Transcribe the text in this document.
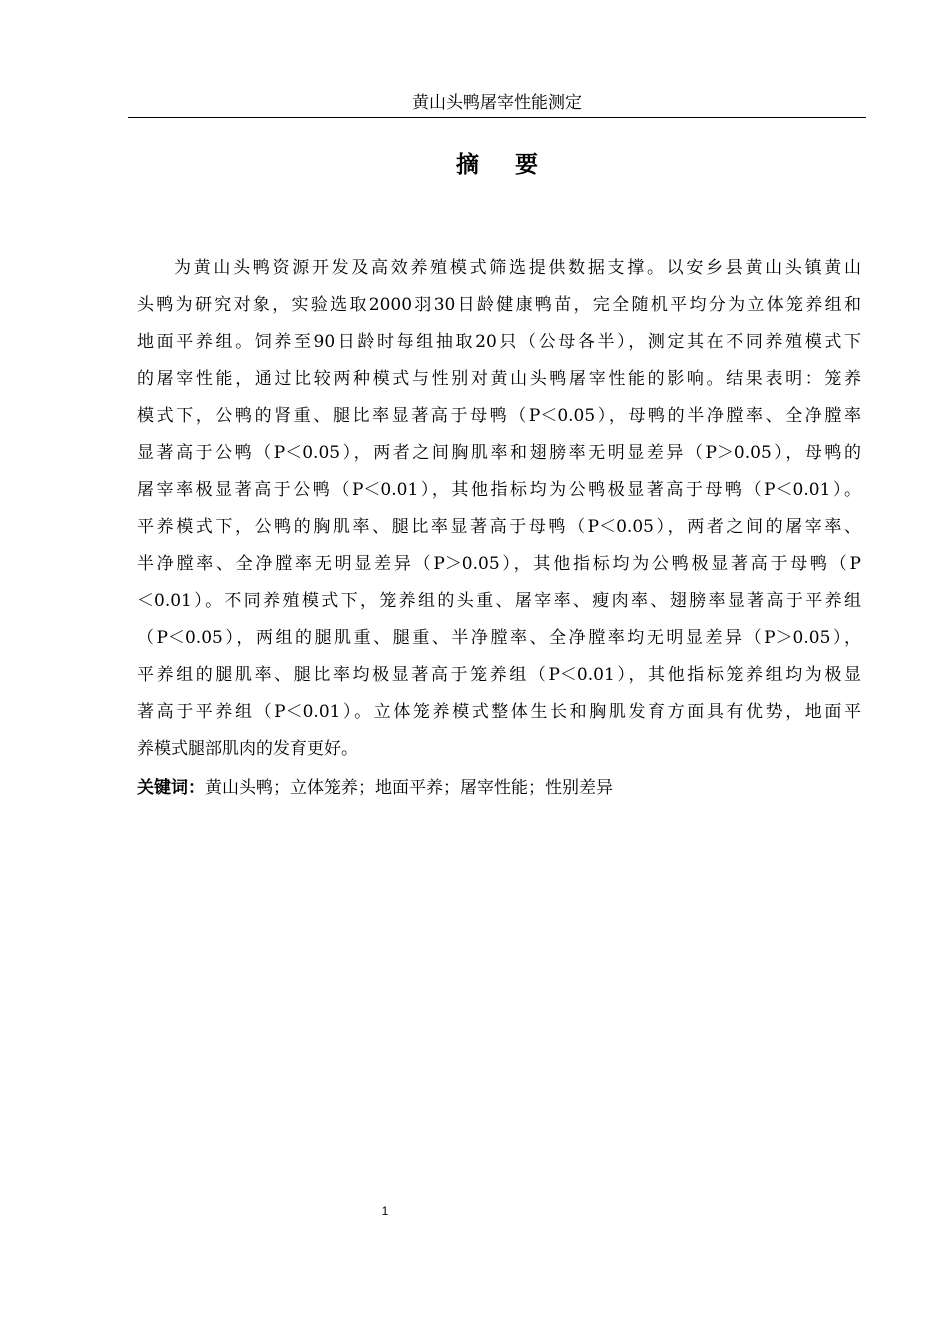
黄山头鸭屠宰性能测定
摘 要
为黄山头鸭资源开发及高效养殖模式筛选提供数据支撑。以安乡县黄山头镇黄山
头鸭为研究对象，实验选取2000羽30日龄健康鸭苗，完全随机平均分为立体笼养组和
地面平养组。饲养至90日龄时每组抽取20只（公母各半），测定其在不同养殖模式下
的屠宰性能，通过比较两种模式与性别对黄山头鸭屠宰性能的影响。结果表明：笼养
模式下，公鸭的肾重、腿比率显著高于母鸭（P＜0.05），母鸭的半净膛率、全净膛率
显著高于公鸭（P＜0.05），两者之间胸肌率和翅膀率无明显差异（P＞0.05），母鸭的
屠宰率极显著高于公鸭（P＜0.01），其他指标均为公鸭极显著高于母鸭（P＜0.01）。
平养模式下，公鸭的胸肌率、腿比率显著高于母鸭（P＜0.05），两者之间的屠宰率、
半净膛率、全净膛率无明显差异（P＞0.05），其他指标均为公鸭极显著高于母鸭（P
＜0.01）。不同养殖模式下，笼养组的头重、屠宰率、瘦肉率、翅膀率显著高于平养组
（P＜0.05），两组的腿肌重、腿重、半净膛率、全净膛率均无明显差异（P＞0.05），
平养组的腿肌率、腿比率均极显著高于笼养组（P＜0.01），其他指标笼养组均为极显
著高于平养组（P＜0.01）。立体笼养模式整体生长和胸肌发育方面具有优势，地面平
养模式腿部肌肉的发育更好。
关键词：黄山头鸭；立体笼养；地面平养；屠宰性能；性别差异
1
